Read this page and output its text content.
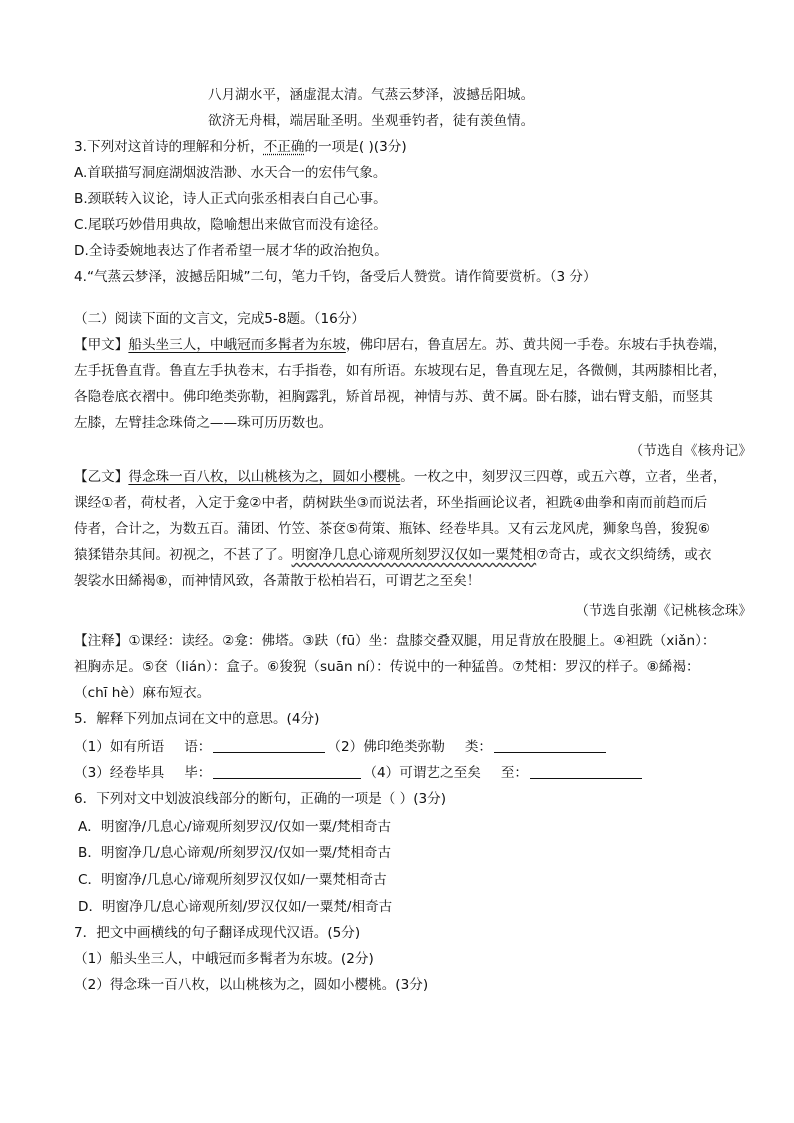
八月湖水平，涵虚混太清。气蒸云梦泽，波撼岳阳城。
欲济无舟楫，端居耻圣明。坐观垂钓者，徒有羡鱼情。
3.下列对这首诗的理解和分析，不正确的一项是( )(3分)
A.首联描写洞庭湖烟波浩渺、水天合一的宏伟气象。
B.颈联转入议论，诗人正式向张丞相表白自己心事。
C.尾联巧妙借用典故，隐喻想出来做官而没有途径。
D.全诗委婉地表达了作者希望一展才华的政治抱负。
4.“气蒸云梦泽，波撼岳阳城”二句，笔力千钧，备受后人赞赏。请作简要赏析。（3 分）
（二）阅读下面的文言文，完成5-8题。（16分）
【甲文】船头坐三人，中峨冠而多髯者为东坡，佛印居右，鲁直居左。苏、黄共阅一手卷。东坡右手执卷端，
左手抚鲁直背。鲁直左手执卷末，右手指卷，如有所语。东坡现右足，鲁直现左足，各微侧，其两膝相比者，
各隐卷底衣褶中。佛印绝类弥勒，袒胸露乳，矫首昂视，神情与苏、黄不属。卧右膝，诎右臂支船，而竖其
左膝，左臂挂念珠倚之——珠可历历数也。
（节选自《核舟记》
【乙文】得念珠一百八枚，以山桃核为之，圆如小樱桃。一枚之中，刻罗汉三四尊，或五六尊，立者，坐者，
课经①者，荷杖者，入定于龛②中者，荫树趺坐③而说法者，环坐指画论议者，袒跣④曲拳和南而前趋而后
侍者，合计之，为数五百。蒲团、竹笠、茶奁⑤荷策、瓶钵、经卷毕具。又有云龙风虎，狮象鸟兽，狻猊⑥
猿猱错杂其间。初视之，不甚了了。明窗净几息心谛观所刻罗汉仅如一粟梵相⑦奇古，或衣文织绮绣，或衣
袈裟水田絺褐⑧，而神情风致，各萧散于松柏岩石，可谓艺之至矣！
（节选自张潮《记桃核念珠》
【注释】①课经：读经。②龛：佛塔。③趺（fū）坐：盘膝交叠双腿，用足背放在股腿上。④袒跣（xiǎn）：
袒胸赤足。⑤奁（lián）：盒子。⑥狻猊（suān ní）：传说中的一种猛兽。⑦梵相：罗汉的样子。⑧絺褐：
（chī hè）麻布短衣。
5．解释下列加点词在文中的意思。(4分)
（1）如有所语 语：	（2）佛印绝类弥勒 类：
（3）经卷毕具 毕：	（4）可谓艺之至矣 至：
6．下列对文中划波浪线部分的断句，正确的一项是（ ）(3分)
A．明窗净/几息心/谛观所刻罗汉/仅如一粟/梵相奇古
B．明窗净几/息心谛观/所刻罗汉/仅如一粟/梵相奇古
C．明窗净/几息心/谛观所刻罗汉仅如/一粟梵相奇古
D．明窗净几/息心谛观所刻/罗汉仅如/一粟梵/相奇古
7．把文中画横线的句子翻译成现代汉语。(5分)
（1）船头坐三人，中峨冠而多髯者为东坡。(2分)
（2）得念珠一百八枚，以山桃核为之，圆如小樱桃。(3分)
